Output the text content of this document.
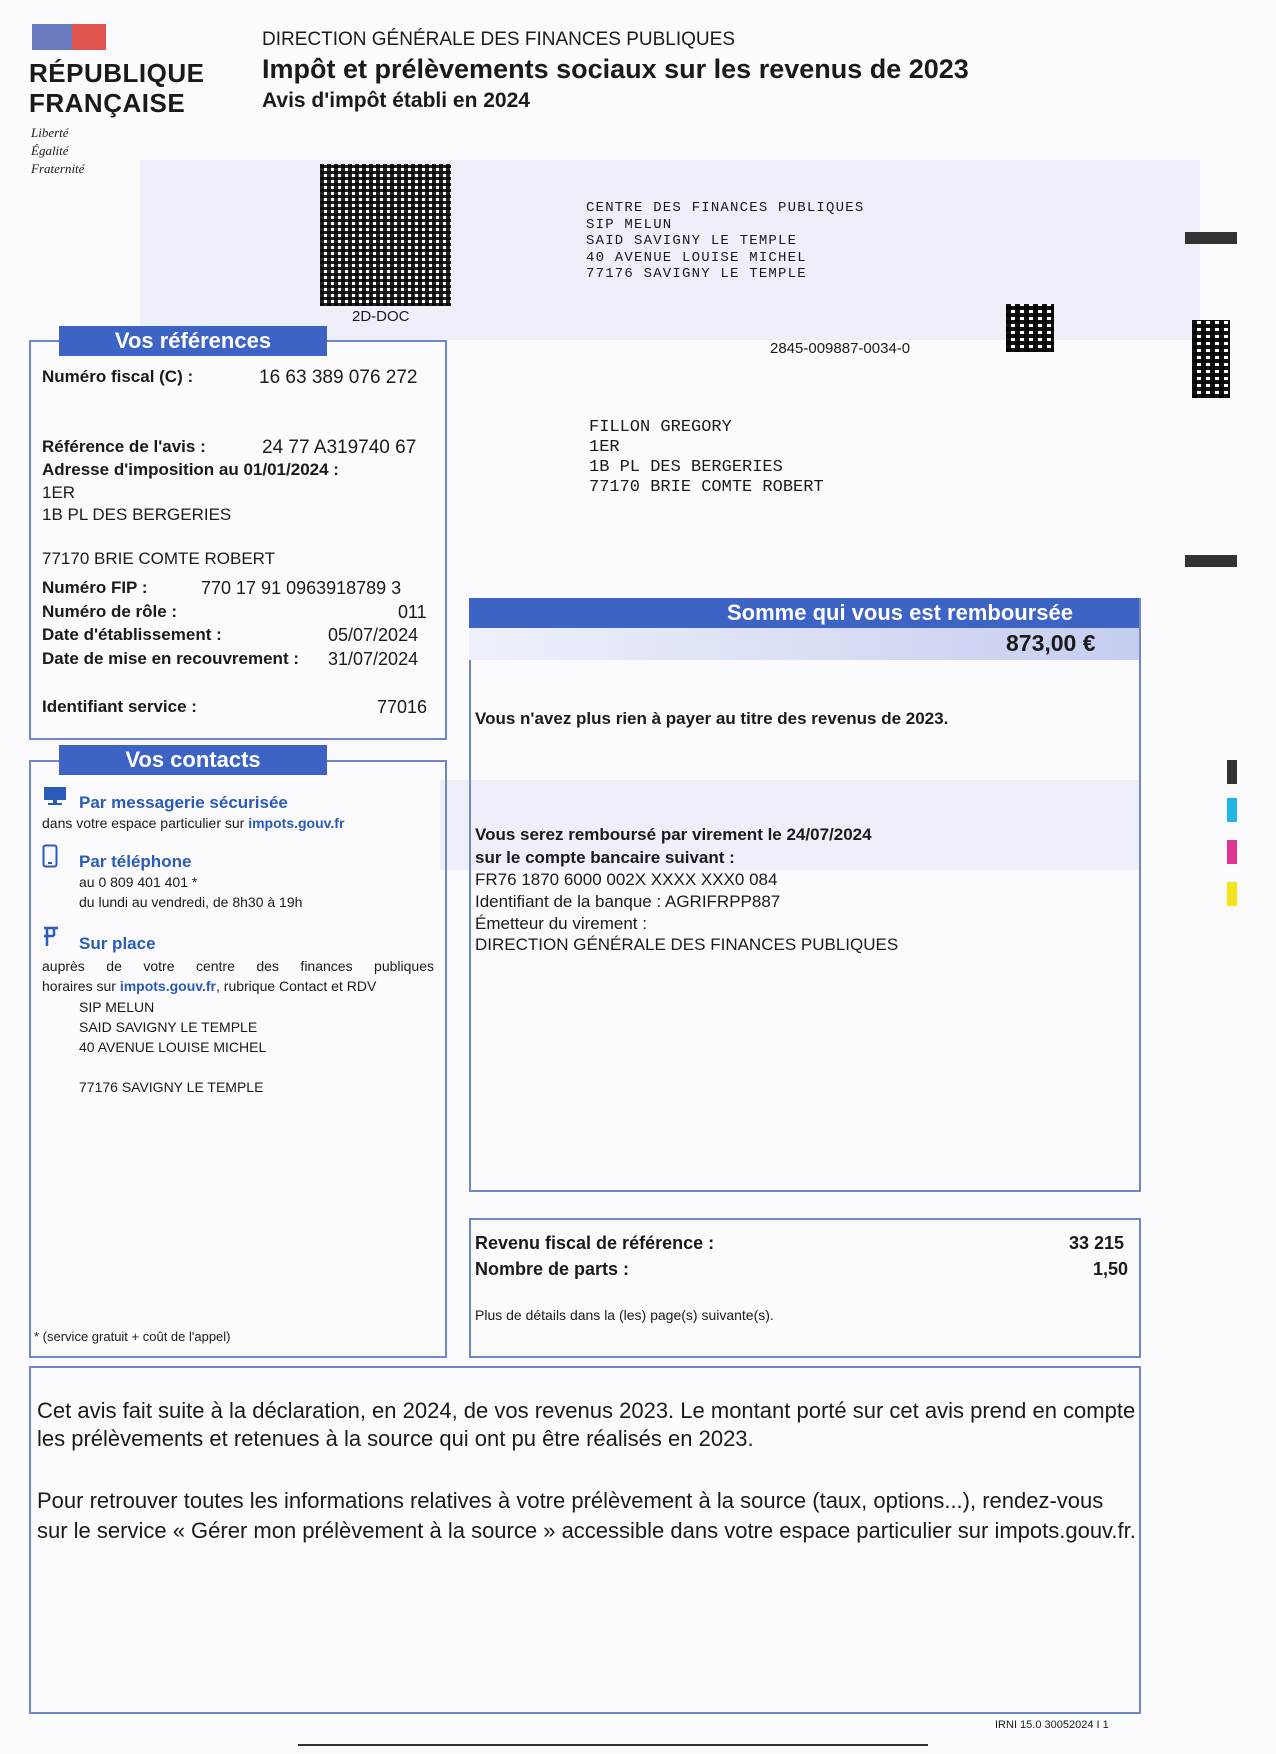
RÉPUBLIQUE
FRANÇAISE
Liberté
Égalité
Fraternité
DIRECTION GÉNÉRALE DES FINANCES PUBLIQUES
Impôt et prélèvements sociaux sur les revenus de 2023
Avis d'impôt établi en 2024
2D-DOC
CENTRE DES FINANCES PUBLIQUES
SIP MELUN
SAID SAVIGNY LE TEMPLE
40 AVENUE LOUISE MICHEL
77176 SAVIGNY LE TEMPLE
2845-009887-0034-0
FILLON GREGORY
1ER
1B PL DES BERGERIES
77170 BRIE COMTE ROBERT
Vos références
Numéro fiscal (C) :	16 63 389 076 272
Référence de l'avis :	24 77 A319740 67
Adresse d'imposition au 01/01/2024 :
1ER
1B PL DES BERGERIES
77170 BRIE COMTE ROBERT
Numéro FIP :	770 17 91 0963918789 3
Numéro de rôle :	011
Date d'établissement :	05/07/2024
Date de mise en recouvrement : 31/07/2024
Identifiant service :	77016
Vos contacts
Par messagerie sécurisée
dans votre espace particulier sur impots.gouv.fr
Par téléphone
au 0 809 401 401 *
du lundi au vendredi, de 8h30 à 19h
Sur place
auprès de votre centre des finances publiques
horaires sur impots.gouv.fr, rubrique Contact et RDV
SIP MELUN
SAID SAVIGNY LE TEMPLE
40 AVENUE LOUISE MICHEL
77176 SAVIGNY LE TEMPLE
* (service gratuit + coût de l'appel)
Somme qui vous est remboursée
873,00 €
Vous n'avez plus rien à payer au titre des revenus de 2023.
Vous serez remboursé par virement le 24/07/2024
sur le compte bancaire suivant :
FR76 1870 6000 002X XXXX XXX0 084
Identifiant de la banque : AGRIFRPP887
Émetteur du virement :
DIRECTION GÉNÉRALE DES FINANCES PUBLIQUES
Revenu fiscal de référence :	33 215
Nombre de parts :	1,50
Plus de détails dans la (les) page(s) suivante(s).
Cet avis fait suite à la déclaration, en 2024, de vos revenus 2023. Le montant porté sur cet avis prend en compte les prélèvements et retenues à la source qui ont pu être réalisés en 2023.
Pour retrouver toutes les informations relatives à votre prélèvement à la source (taux, options...), rendez-vous sur le service « Gérer mon prélèvement à la source » accessible dans votre espace particulier sur impots.gouv.fr.
IRNI 15.0 30052024 I 1
